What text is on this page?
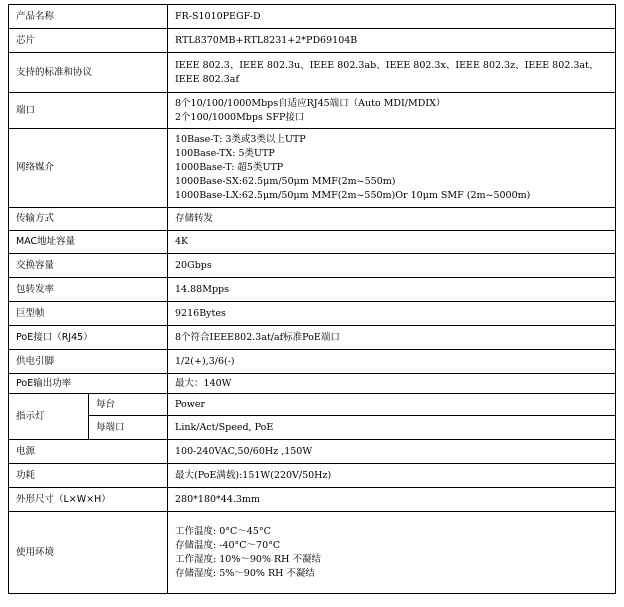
产品名称		FR-S1010PEGF-D

芯片		RTL8370MB+RTL8231+2*PD69104B

支持的标准和协议		IEEE 802.3、IEEE 802.3u、IEEE 802.3ab、IEEE 802.3x、IEEE 802.3z、IEEE 802.3at、
IEEE 802.3af

端口		8个10/100/1000Mbps自适应RJ45端口（Auto MDI/MDIX）
2个100/1000Mbps SFP接口

网络媒介		10Base-T: 3类或3类以上UTP
100Base-TX: 5类UTP
1000Base-T: 超5类UTP
1000Base-SX:62.5μm/50μm MMF(2m~550m)
1000Base-LX:62.5μm/50μm MMF(2m~550m)Or 10μm SMF (2m~5000m)

传输方式		存储转发

MAC地址容量		4K

交换容量		20Gbps

包转发率		14.88Mpps

巨型帧		9216Bytes

PoE接口（RJ45）		8个符合IEEE802.3at/af标准PoE端口

供电引脚		1/2(+),3/6(-)

PoE输出功率		最大：140W

指示灯	每台	Power

	每端口	Link/Act/Speed, PoE

电源		100-240VAC,50/60Hz ,150W

功耗		最大(PoE满载):151W(220V/50Hz)

外形尺寸（L×W×H）		280*180*44.3mm

使用环境		工作温度: 0°C～45°C
存储温度: -40°C～70°C
工作湿度: 10%～90% RH 不凝结
存储湿度: 5%～90% RH 不凝结
